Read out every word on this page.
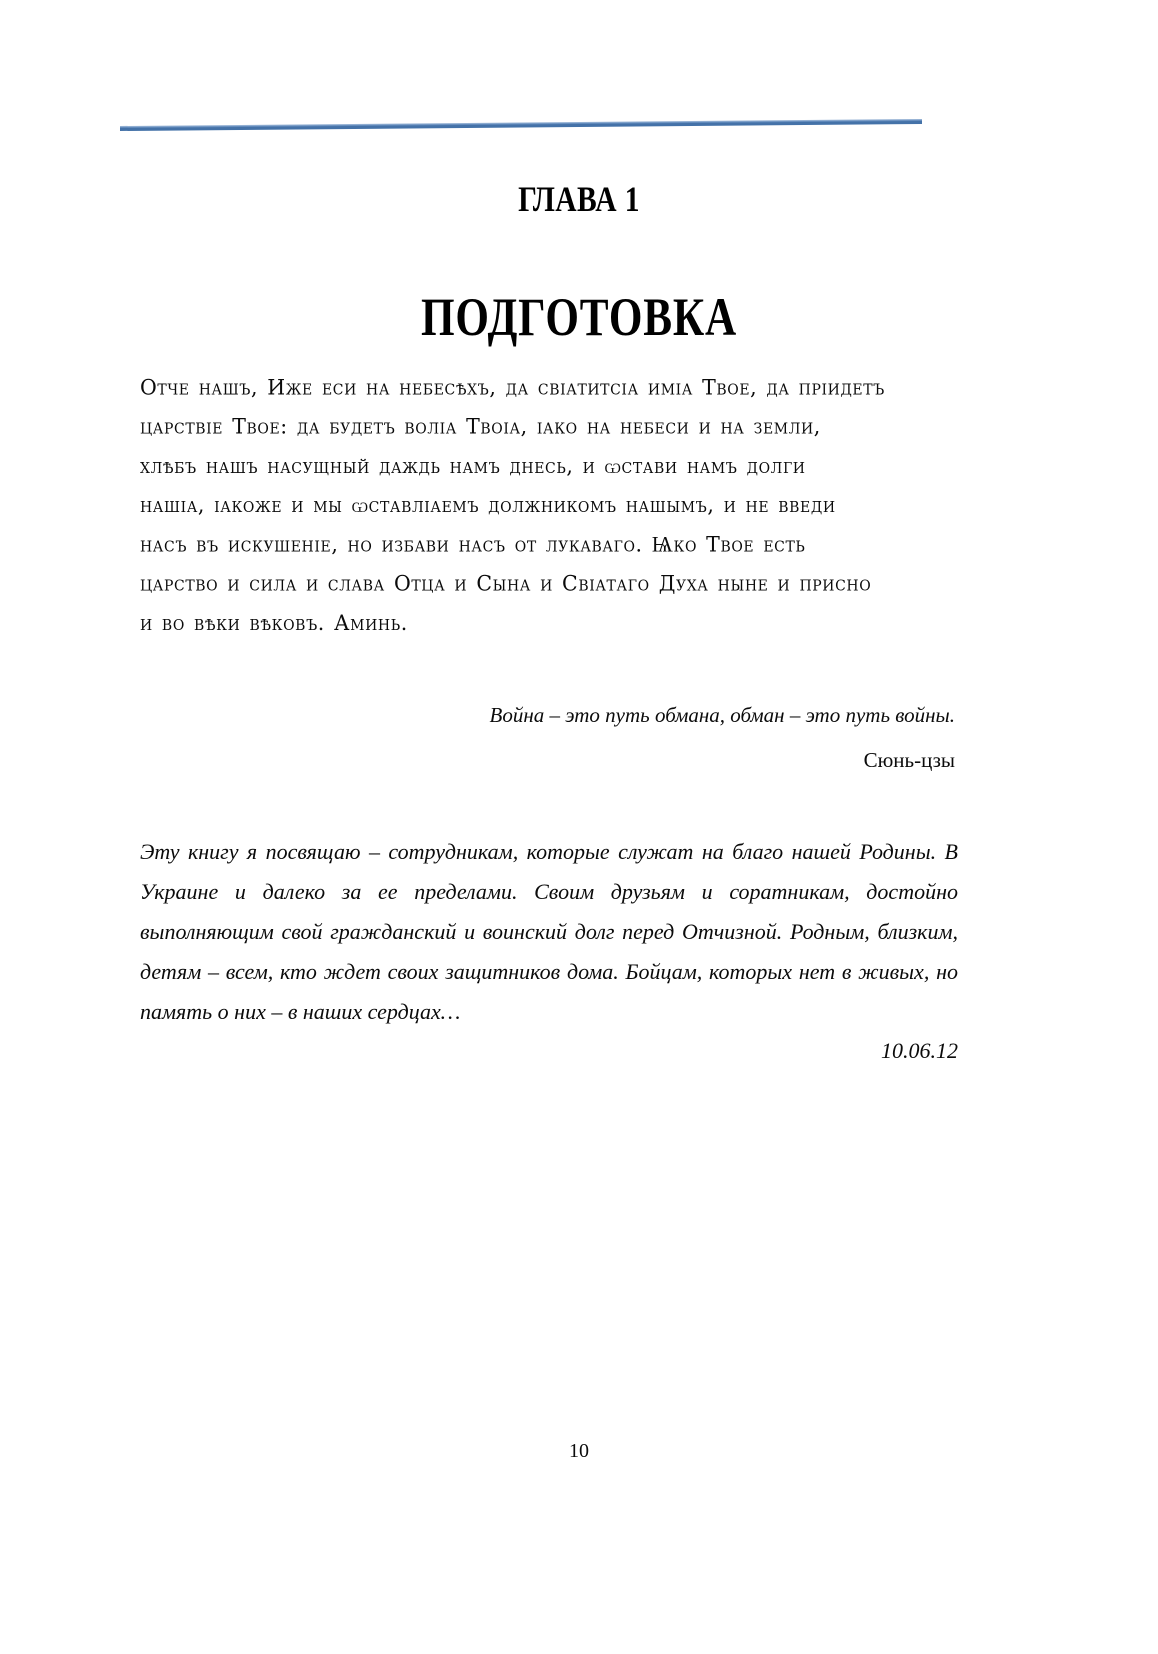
ГЛАВА 1
ПОДГОТОВКА
Отче нашъ, Иже еси на небесѣхъ, да свıатитсıа имıа Твое, да пріидетъ
царствіе Твое: да будетъ волıа Твоıа, ıако на небеси и на земли,
хлѣбъ нашъ насущный даждь намъ днесь, и ѡстави намъ долги
нашıа, ıакоже и мы ѡставлıаемъ должникомъ нашымъ, и не введи
насъ въ искушеніе, но избави насъ от лукаваго. Ѩко Твое есть
царство и сила и слава Отца и Сына и Свıатаго Духа ныне и присно
и во вѣки вѣковъ. Аминь.
Война – это путь обмана, обман – это путь войны.
Сюнь-цзы
Эту книгу я посвящаю – сотрудникам, которые служат на благо нашей Родины. В Украине и далеко за ее пределами. Своим друзьям и соратникам, достойно выполняющим свой гражданский и воинский долг перед Отчизной. Родным, близким, детям – всем, кто ждет своих защитников дома. Бойцам, которых нет в живых, но память о них – в наших сердцах…
10.06.12
10
